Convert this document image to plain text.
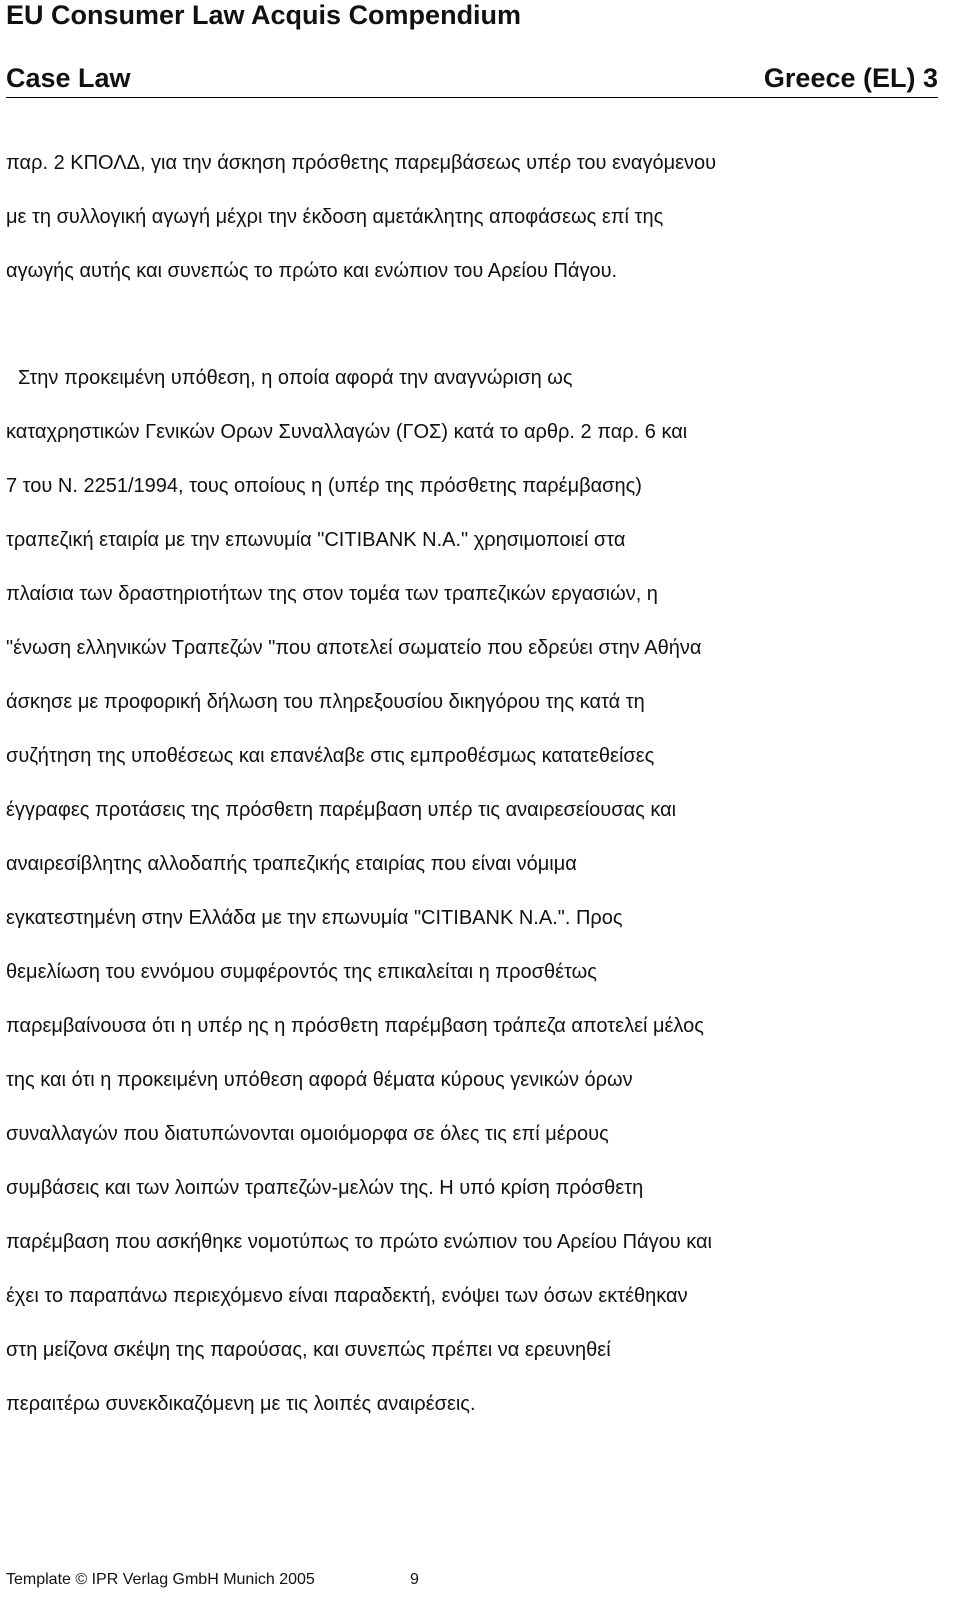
EU Consumer Law Acquis Compendium
Case Law	Greece (EL) 3
παρ. 2 ΚΠΟΛΔ, για την άσκηση πρόσθετης παρεμβάσεως υπέρ του εναγόμενου
με τη συλλογική αγωγή μέχρι την έκδοση αμετάκλητης αποφάσεως επί της
αγωγής αυτής και συνεπώς το πρώτο και ενώπιον του Αρείου Πάγου.
Στην προκειμένη υπόθεση, η οποία αφορά την αναγνώριση ως
καταχρηστικών Γενικών Ορων Συναλλαγών (ΓΟΣ) κατά το αρθρ. 2 παρ. 6 και
7 του Ν. 2251/1994, τους οποίους η (υπέρ της πρόσθετης παρέμβασης)
τραπεζική εταιρία με την επωνυμία "CITIBANK N.A." χρησιμοποιεί στα
πλαίσια των δραστηριοτήτων της στον τομέα των τραπεζικών εργασιών, η
"ένωση ελληνικών Τραπεζών "που αποτελεί σωματείο που εδρεύει στην Αθήνα
άσκησε με προφορική δήλωση του πληρεξουσίου δικηγόρου της κατά τη
συζήτηση της υποθέσεως και επανέλαβε στις εμπροθέσμως κατατεθείσες
έγγραφες προτάσεις της πρόσθετη παρέμβαση υπέρ τις αναιρεσείουσας και
αναιρεσίβλητης αλλοδαπής τραπεζικής εταιρίας που είναι νόμιμα
εγκατεστημένη στην Ελλάδα με την επωνυμία "CITIBANK N.A.". Προς
θεμελίωση του εννόμου συμφέροντός της επικαλείται η προσθέτως
παρεμβαίνουσα ότι η υπέρ ης η πρόσθετη παρέμβαση τράπεζα αποτελεί μέλος
της και ότι η προκειμένη υπόθεση αφορά θέματα κύρους γενικών όρων
συναλλαγών που διατυπώνονται ομοιόμορφα σε όλες τις επί μέρους
συμβάσεις και των λοιπών τραπεζών-μελών της. Η υπό κρίση πρόσθετη
παρέμβαση που ασκήθηκε νομοτύπως το πρώτο ενώπιον του Αρείου Πάγου και
έχει το παραπάνω περιεχόμενο είναι παραδεκτή, ενόψει των όσων εκτέθηκαν
στη μείζονα σκέψη της παρούσας, και συνεπώς πρέπει να ερευνηθεί
περαιτέρω συνεκδικαζόμενη με τις λοιπές αναιρέσεις.
Template © IPR Verlag GmbH Munich 2005	9
